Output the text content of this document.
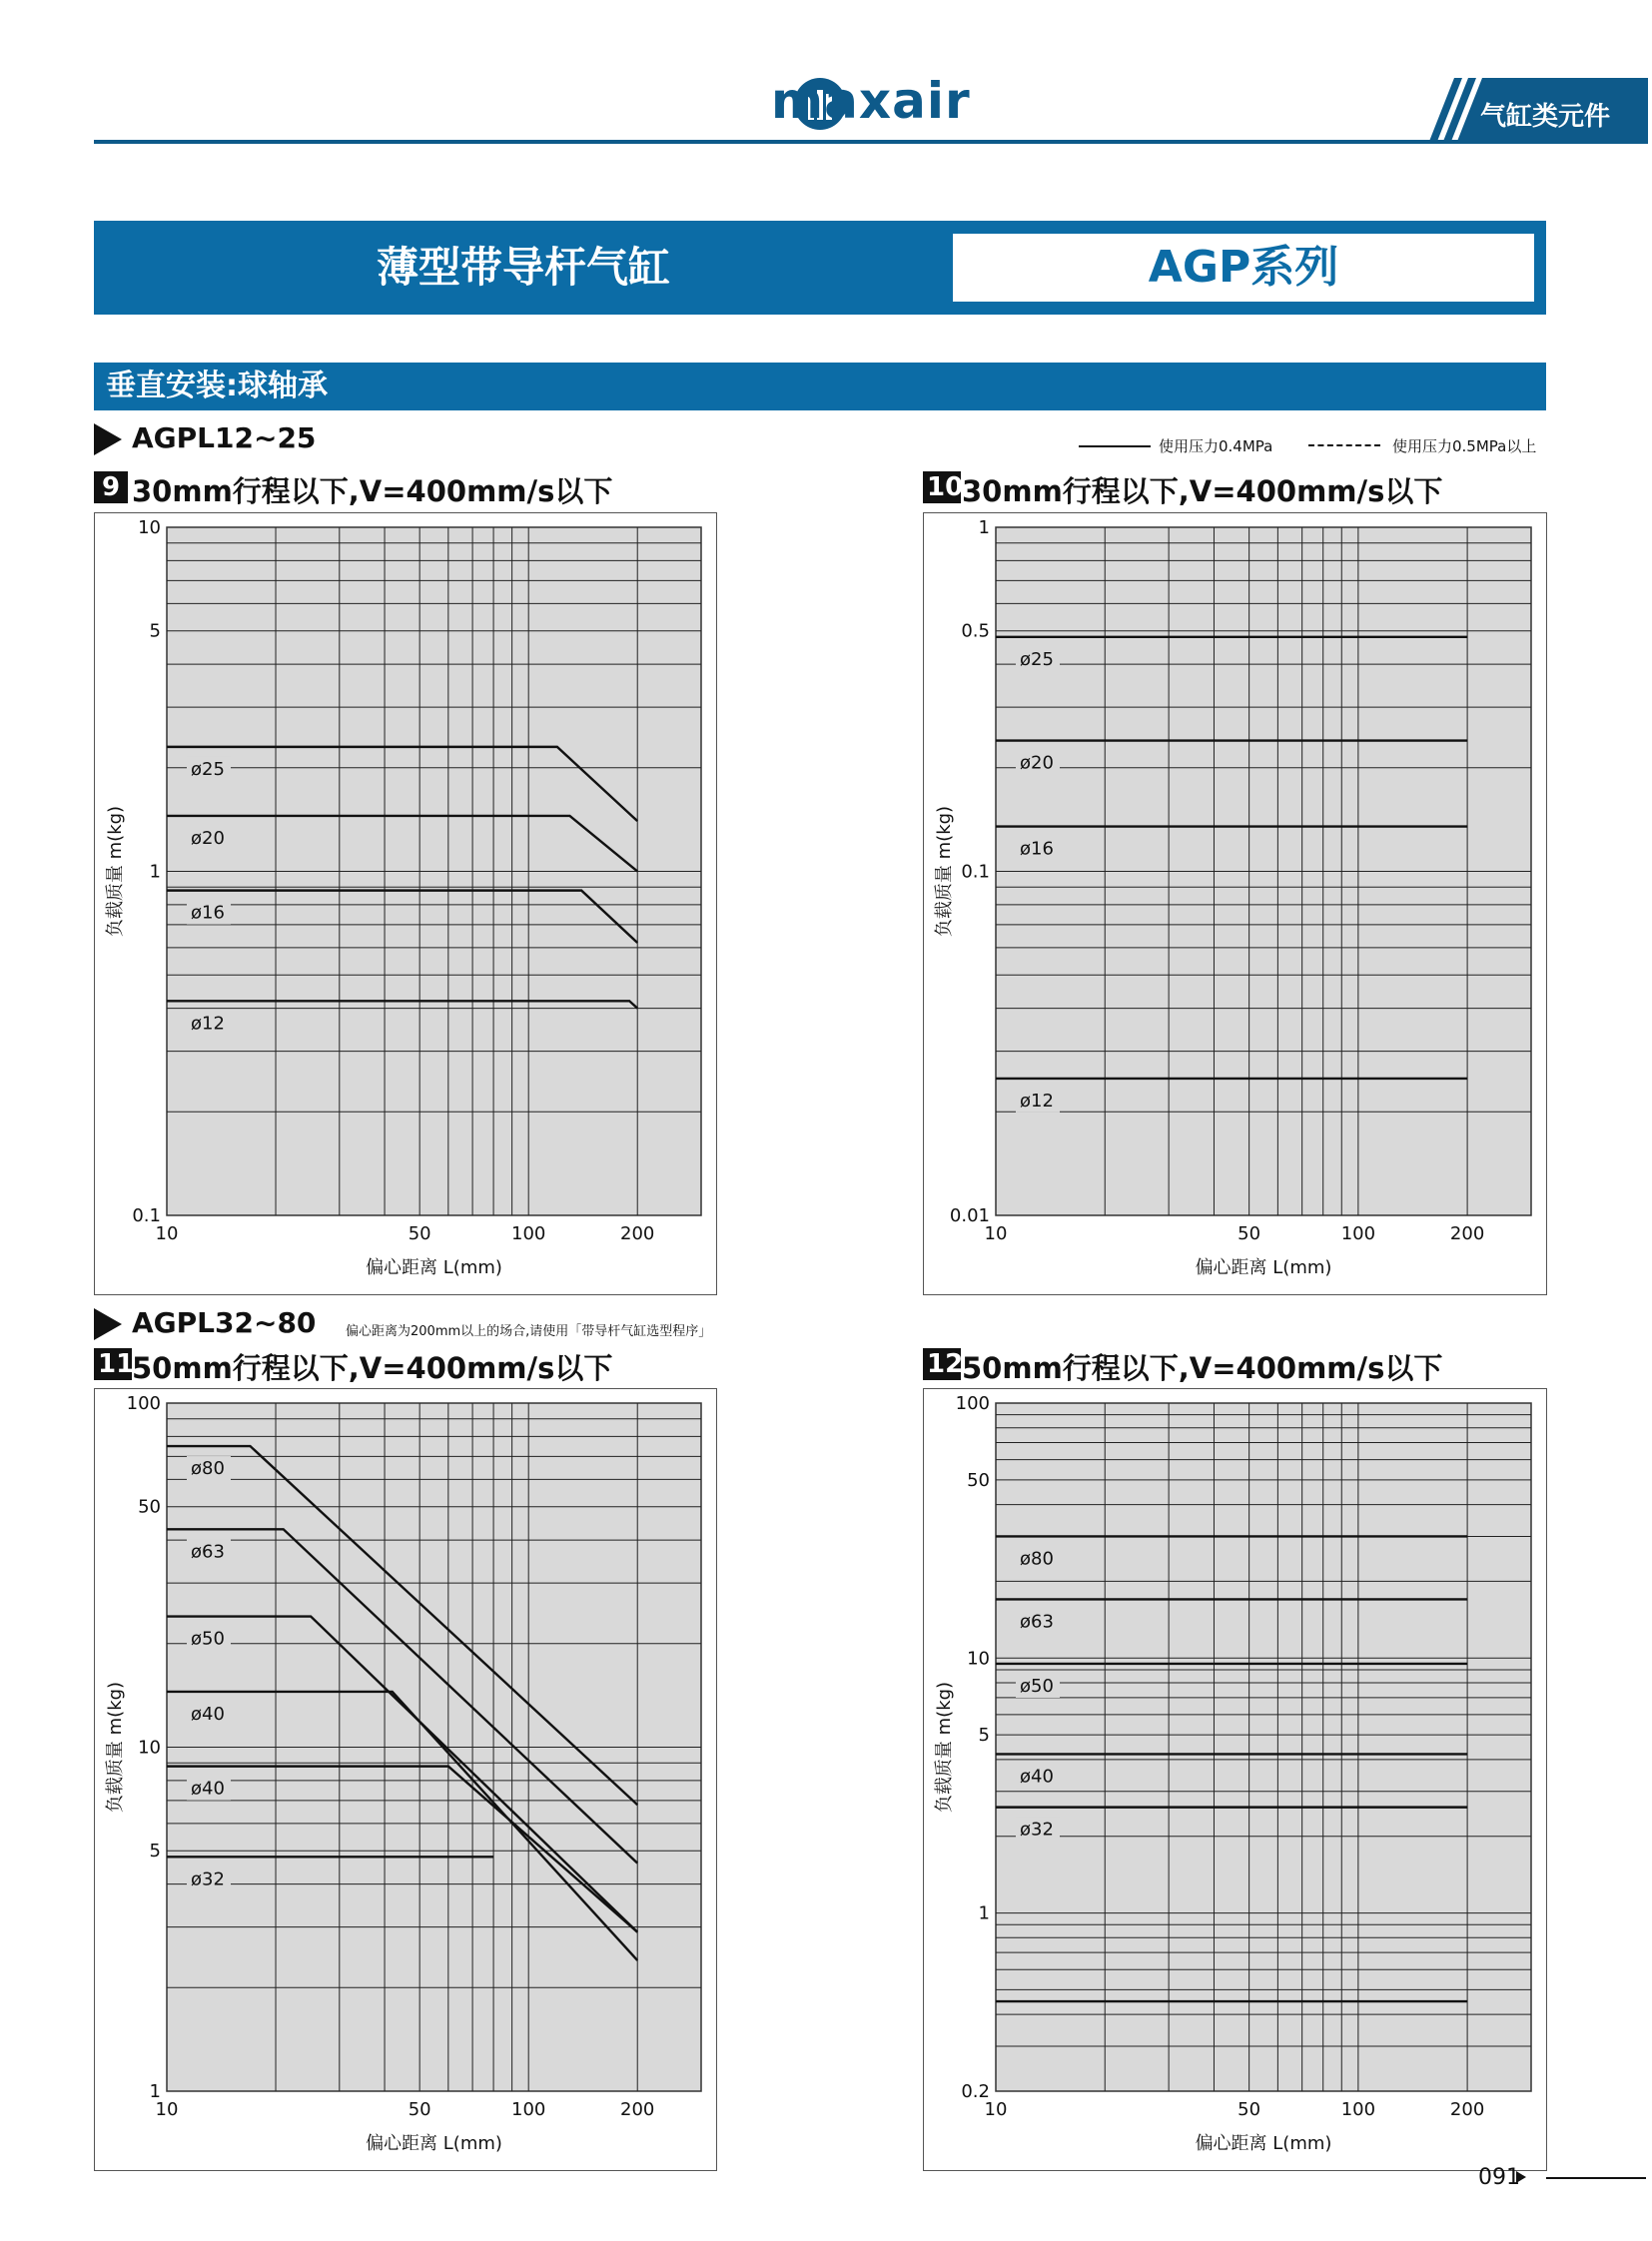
maxair	气缸类元件
薄型带导杆气缸	AGP系列
垂直安装:球轴承
AGPL12~25	使用压力0.4MPa	使用压力0.5MPa以上
9 30mm行程以下,V=400mm/s以下	10
30mm行程以下,V=400mm/s以下
10	50	100	200
10
5
1
0.1
偏心距离 L(mm)
负载质量 m(kg)
ø25
ø20
ø16
ø12
10	50	100	200
1
0.5
0.1
0.01
偏心距离 L(mm)
负载质量 m(kg)
ø25
ø20
ø16
ø12
AGPL32~80 偏心距离为200mm以上的场合,请使用「带导杆气缸选型程序」
11
50mm行程以下,V=400mm/s以下	12
50mm行程以下,V=400mm/s以下
10	50	100	200
100
50
10
5
1
偏心距离 L(mm)
负载质量 m(kg)
ø80
ø63
ø50
ø40
ø40
ø32
10	50	100	200
100
50
10
5
1
0.2
偏心距离 L(mm)
负载质量 m(kg)
ø80
ø63
ø50
ø40
ø32
091
